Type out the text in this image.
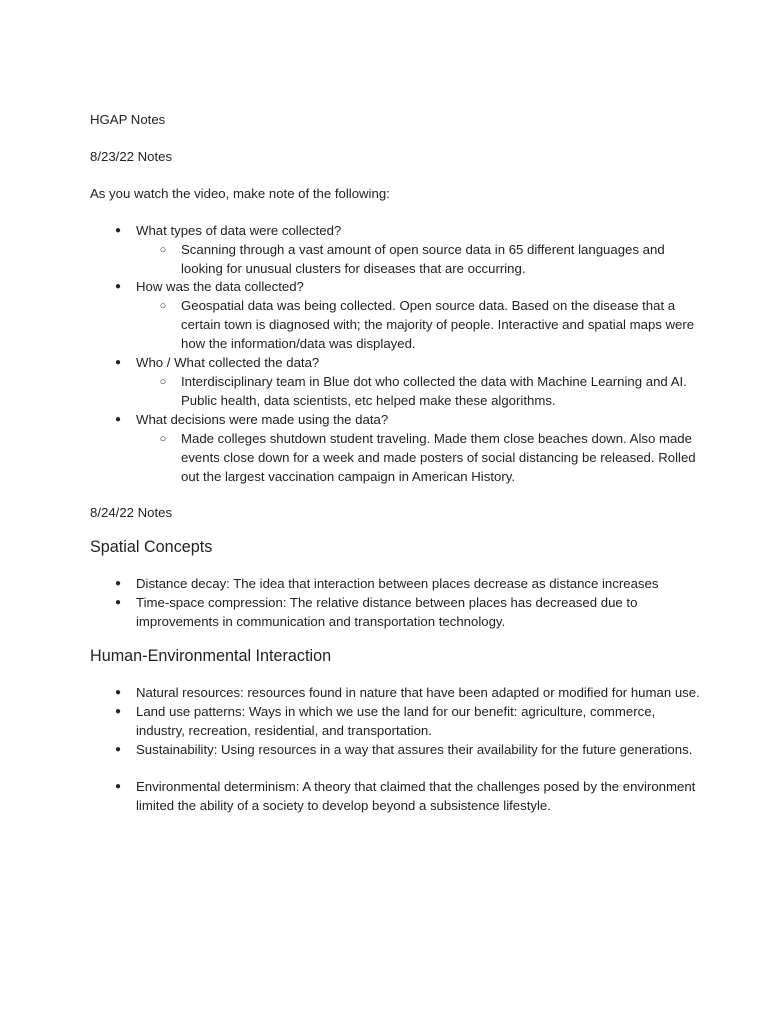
HGAP Notes

8/23/22 Notes

As you watch the video, make note of the following:

● What types of data were collected?
○ Scanning through a vast amount of open source data in 65 different languages and looking for unusual clusters for diseases that are occurring.
● How was the data collected?
○ Geospatial data was being collected. Open source data. Based on the disease that a certain town is diagnosed with; the majority of people. Interactive and spatial maps were how the information/data was displayed.
● Who / What collected the data?
○ Interdisciplinary team in Blue dot who collected the data with Machine Learning and AI. Public health, data scientists, etc helped make these algorithms.
● What decisions were made using the data?
○ Made colleges shutdown student traveling. Made them close beaches down. Also made events close down for a week and made posters of social distancing be released. Rolled out the largest vaccination campaign in American History.

8/24/22 Notes

Spatial Concepts

● Distance decay: The idea that interaction between places decrease as distance increases
● Time-space compression: The relative distance between places has decreased due to improvements in communication and transportation technology.

Human-Environmental Interaction

● Natural resources: resources found in nature that have been adapted or modified for human use.
● Land use patterns: Ways in which we use the land for our benefit: agriculture, commerce, industry, recreation, residential, and transportation.
● Sustainability: Using resources in a way that assures their availability for the future generations.
● Environmental determinism: A theory that claimed that the challenges posed by the environment limited the ability of a society to develop beyond a subsistence lifestyle.
